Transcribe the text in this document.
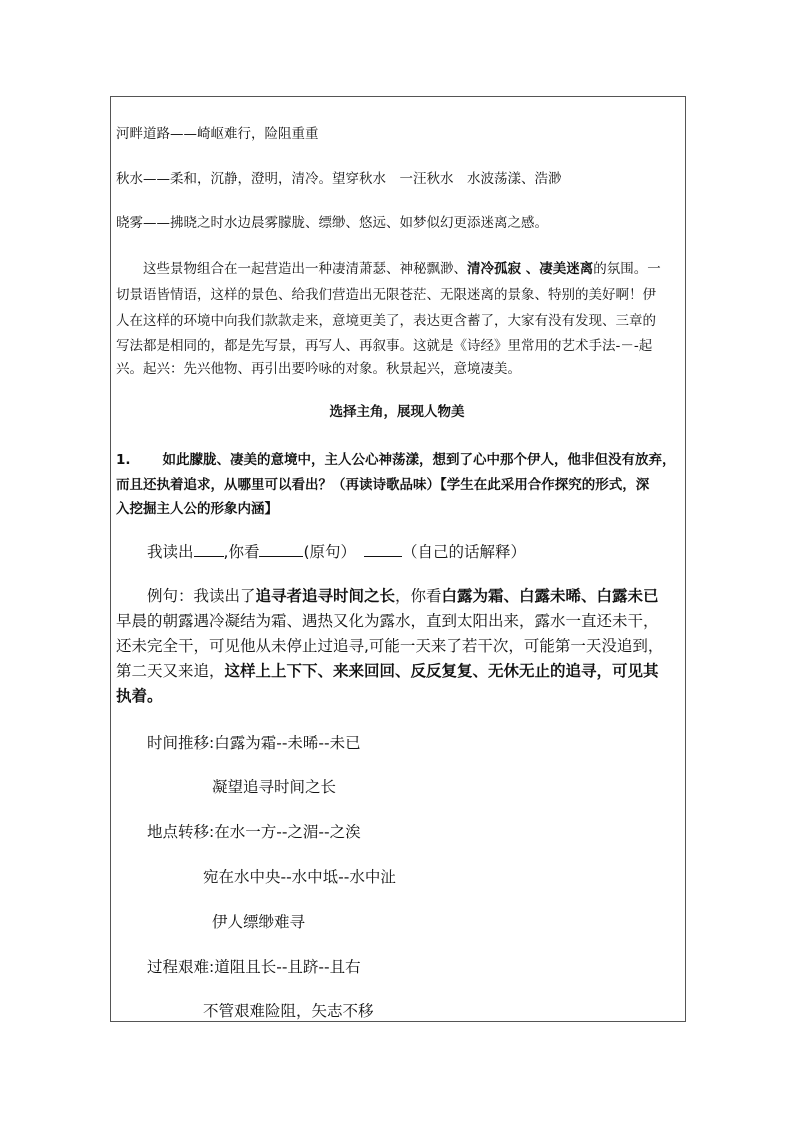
河畔道路——崎岖难行，险阻重重

秋水——柔和，沉静，澄明，清冷。望穿秋水　一汪秋水　水波荡漾、浩渺

晓雾——拂晓之时水边晨雾朦胧、缥缈、悠远、如梦似幻更添迷离之感。

　　这些景物组合在一起营造出一种凄清萧瑟、神秘飘渺、清冷孤寂 、凄美迷离的氛围。一

切景语皆情语，这样的景色、给我们营造出无限苍茫、无限迷离的景象、特别的美好啊！伊

人在这样的环境中向我们款款走来，意境更美了，表达更含蓄了，大家有没有发现、三章的

写法都是相同的，都是先写景，再写人、再叙事。这就是《诗经》里常用的艺术手法-－-起

兴。起兴：先兴他物、再引出要吟咏的对象。秋景起兴，意境凄美。

选择主角，展现人物美

1. 如此朦胧、凄美的意境中，主人公心神荡漾，想到了心中那个伊人，他非但没有放弃，

而且还执着追求，从哪里可以看出？（再读诗歌品味）【学生在此采用合作探究的形式，深

入挖掘主人公的形象内涵】

　　我读出 ,你看	(原句）	（自己的话解释）

　　例句：我读出了追寻者追寻时间之长，你看白露为霜、白露未晞、白露未已

早晨的朝露遇冷凝结为霜、遇热又化为露水，直到太阳出来，露水一直还未干，

还未完全干，可见他从未停止过追寻,可能一天来了若干次，可能第一天没追到，

第二天又来追，这样上上下下、来来回回、反反复复、无休无止的追寻，可见其

执着。

　　时间推移:白露为霜--未晞--未已

凝望追寻时间之长

　　地点转移:在水一方--之湄--之涘

宛在水中央--水中坻--水中沚

伊人缥缈难寻

　　过程艰难:道阻且长--且跻--且右

不管艰难险阻，矢志不移
